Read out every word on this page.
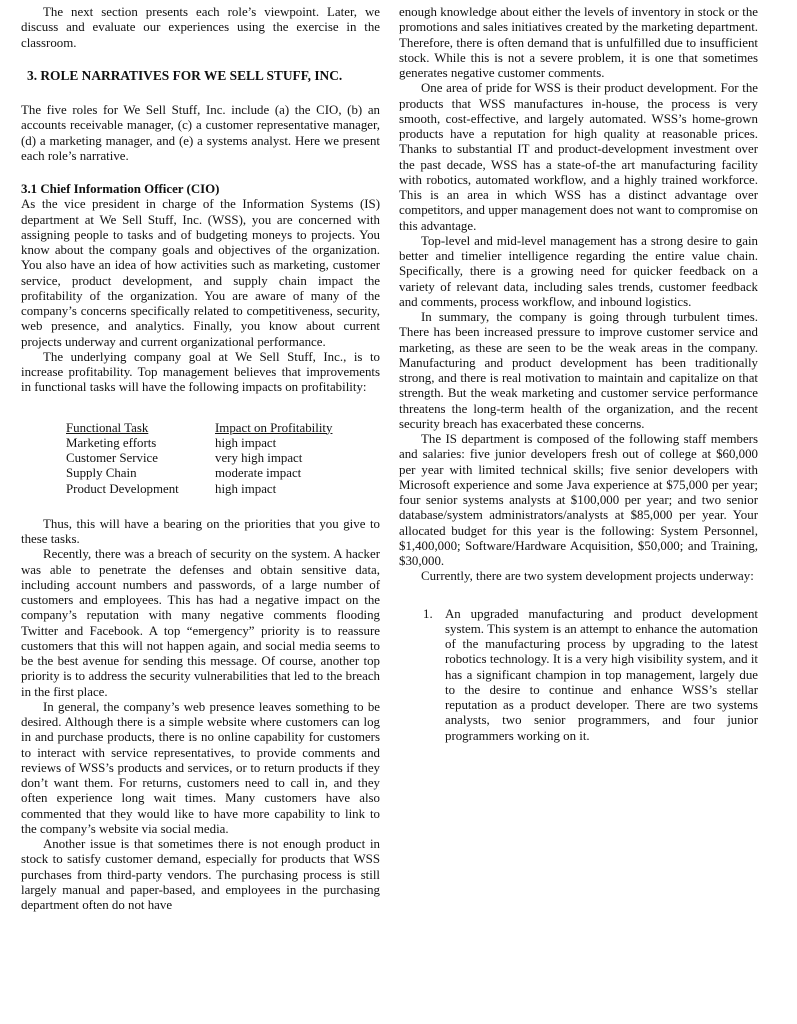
The next section presents each role’s viewpoint. Later, we discuss and evaluate our experiences using the exercise in the classroom.

3. ROLE NARRATIVES FOR WE SELL STUFF, INC.

The five roles for We Sell Stuff, Inc. include (a) the CIO, (b) an accounts receivable manager, (c) a customer representative manager, (d) a marketing manager, and (e) a systems analyst. Here we present each role’s narrative.

3.1 Chief Information Officer (CIO)

As the vice president in charge of the Information Systems (IS) department at We Sell Stuff, Inc. (WSS), you are concerned with assigning people to tasks and of budgeting moneys to projects. You know about the company goals and objectives of the organization. You also have an idea of how activities such as marketing, customer service, product development, and supply chain impact the profitability of the organization. You are aware of many of the company’s concerns specifically related to competitiveness, security, web presence, and analytics. Finally, you know about current projects underway and current organizational performance.

The underlying company goal at We Sell Stuff, Inc., is to increase profitability. Top management believes that improvements in functional tasks will have the following impacts on profitability:

Functional Task	Impact on Profitability
Marketing efforts	high impact
Customer Service	very high impact
Supply Chain	moderate impact
Product Development	high impact

Thus, this will have a bearing on the priorities that you give to these tasks.

Recently, there was a breach of security on the system. A hacker was able to penetrate the defenses and obtain sensitive data, including account numbers and passwords, of a large number of customers and employees. This has had a negative impact on the company’s reputation with many negative comments flooding Twitter and Facebook. A top “emergency” priority is to reassure customers that this will not happen again, and social media seems to be the best avenue for sending this message. Of course, another top priority is to address the security vulnerabilities that led to the breach in the first place.

In general, the company’s web presence leaves something to be desired. Although there is a simple website where customers can log in and purchase products, there is no online capability for customers to interact with service representatives, to provide comments and reviews of WSS’s products and services, or to return products if they don’t want them. For returns, customers need to call in, and they often experience long wait times. Many customers have also commented that they would like to have more capability to link to the company’s website via social media.

Another issue is that sometimes there is not enough product in stock to satisfy customer demand, especially for products that WSS purchases from third-party vendors. The purchasing process is still largely manual and paper-based, and employees in the purchasing department often do not have

enough knowledge about either the levels of inventory in stock or the promotions and sales initiatives created by the marketing department. Therefore, there is often demand that is unfulfilled due to insufficient stock. While this is not a severe problem, it is one that sometimes generates negative customer comments.

One area of pride for WSS is their product development. For the products that WSS manufactures in-house, the process is very smooth, cost-effective, and largely automated. WSS’s home-grown products have a reputation for high quality at reasonable prices. Thanks to substantial IT and product-development investment over the past decade, WSS has a state-of-the art manufacturing facility with robotics, automated workflow, and a highly trained workforce. This is an area in which WSS has a distinct advantage over competitors, and upper management does not want to compromise on this advantage.

Top-level and mid-level management has a strong desire to gain better and timelier intelligence regarding the entire value chain. Specifically, there is a growing need for quicker feedback on a variety of relevant data, including sales trends, customer feedback and comments, process workflow, and inbound logistics.

In summary, the company is going through turbulent times. There has been increased pressure to improve customer service and marketing, as these are seen to be the weak areas in the company. Manufacturing and product development has been traditionally strong, and there is real motivation to maintain and capitalize on that strength. But the weak marketing and customer service performance threatens the long-term health of the organization, and the recent security breach has exacerbated these concerns.

The IS department is composed of the following staff members and salaries: five junior developers fresh out of college at $60,000 per year with limited technical skills; five senior developers with Microsoft experience and some Java experience at $75,000 per year; four senior systems analysts at $100,000 per year; and two senior database/system administrators/analysts at $85,000 per year. Your allocated budget for this year is the following: System Personnel, $1,400,000; Software/Hardware Acquisition, $50,000; and Training, $30,000.

Currently, there are two system development projects underway:

1. An upgraded manufacturing and product development system. This system is an attempt to enhance the automation of the manufacturing process by upgrading to the latest robotics technology. It is a very high visibility system, and it has a significant champion in top management, largely due to the desire to continue and enhance WSS’s stellar reputation as a product developer. There are two systems analysts, two senior programmers, and four junior programmers working on it.
